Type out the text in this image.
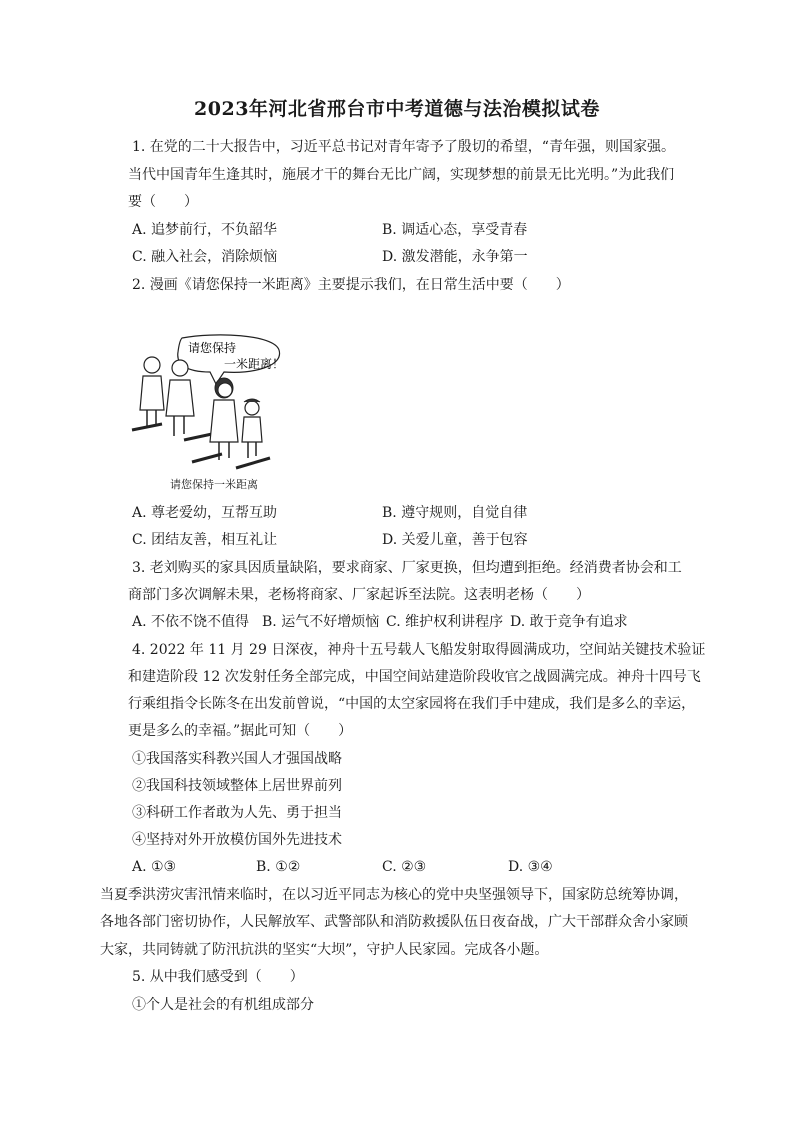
2023年河北省邢台市中考道德与法治模拟试卷
1. 在党的二十大报告中，习近平总书记对青年寄予了殷切的希望，“青年强，则国家强。
当代中国青年生逢其时，施展才干的舞台无比广阔，实现梦想的前景无比光明。”为此我们
要（　　）
A. 追梦前行，不负韶华	B. 调适心态，享受青春
C. 融入社会，消除烦恼	D. 激发潜能，永争第一
2. 漫画《请您保持一米距离》主要提示我们，在日常生活中要（　　）
请您保持
一米距离！
请您保持一米距离
A. 尊老爱幼，互帮互助	B. 遵守规则，自觉自律
C. 团结友善，相互礼让	D. 关爱儿童，善于包容
3. 老刘购买的家具因质量缺陷，要求商家、厂家更换，但均遭到拒绝。经消费者协会和工
商部门多次调解未果，老杨将商家、厂家起诉至法院。这表明老杨（　　）
A. 不依不饶不值得 B. 运气不好增烦恼 C. 维护权利讲程序 D. 敢于竞争有追求
4. 2022 年 11 月 29 日深夜，神舟十五号载人飞船发射取得圆满成功，空间站关键技术验证
和建造阶段 12 次发射任务全部完成，中国空间站建造阶段收官之战圆满完成。神舟十四号飞
行乘组指令长陈冬在出发前曾说，“中国的太空家园将在我们手中建成，我们是多么的幸运，
更是多么的幸福。”据此可知（　　）
①我国落实科教兴国人才强国战略
②我国科技领域整体上居世界前列
③科研工作者敢为人先、勇于担当
④坚持对外开放模仿国外先进技术
A. ①③	B. ①②	C. ②③	D. ③④
当夏季洪涝灾害汛情来临时，在以习近平同志为核心的党中央坚强领导下，国家防总统筹协调，
各地各部门密切协作，人民解放军、武警部队和消防救援队伍日夜奋战，广大干部群众舍小家顾
大家，共同铸就了防汛抗洪的坚实“大坝”，守护人民家园。完成各小题。
5. 从中我们感受到（　　）
①个人是社会的有机组成部分
